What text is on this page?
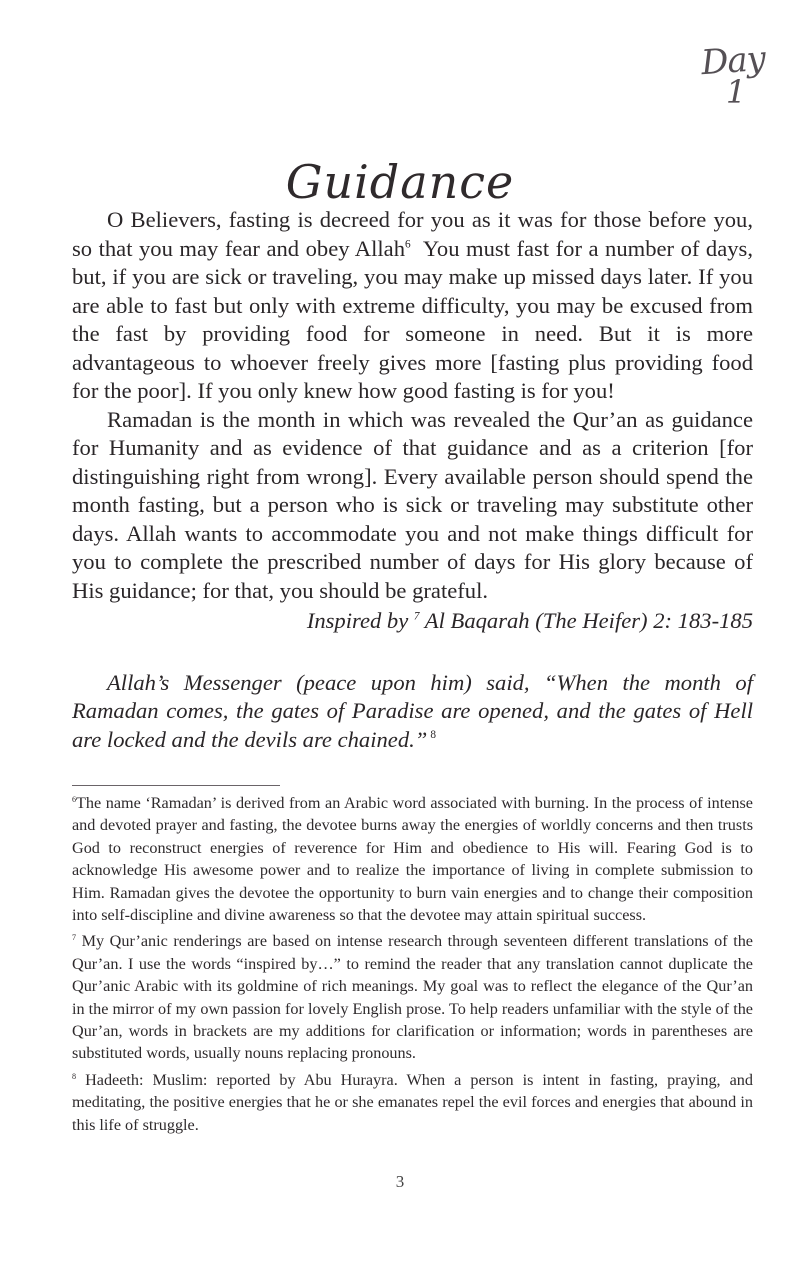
Day
1
Guidance

O Believers, fasting is decreed for you as it was for those before you, so that you may fear and obey Allah$^6$  You must fast for a number of days, but, if you are sick or traveling, you may make up missed days later. If you are able to fast but only with extreme difficulty, you may be excused from the fast by providing food for someone in need. But it is more advantageous to whoever freely gives more [fasting plus providing food for the poor]. If you only knew how good fasting is for you!

Ramadan is the month in which was revealed the Qur’an as guidance for Humanity and as evidence of that guidance and as a criterion [for distinguishing right from wrong]. Every available person should spend the month fasting, but a person who is sick or traveling may substitute other days. Allah wants to accommodate you and not make things difficult for you to complete the prescribed number of days for His glory because of His guidance; for that, you should be grateful.

Inspired by $^7$ Al Baqarah (The Heifer) 2: 183-185

Allah’s Messenger (peace upon him) said, “When the month of Ramadan comes, the gates of Paradise are opened, and the gates of Hell are locked and the devils are chained.” $^8$

$^6$The name ‘Ramadan’ is derived from an Arabic word associated with burning. In the process of intense and devoted prayer and fasting, the devotee burns away the energies of worldly concerns and then trusts God to reconstruct energies of reverence for Him and obedience to His will. Fearing God is to acknowledge His awesome power and to realize the importance of living in complete submission to Him. Ramadan gives the devotee the opportunity to burn vain energies and to change their composition into self-discipline and divine awareness so that the devotee may attain spiritual success.

$^7$ My Qur’anic renderings are based on intense research through seventeen different translations of the Qur’an. I use the words “inspired by…” to remind the reader that any translation cannot duplicate the Qur’anic Arabic with its goldmine of rich meanings. My goal was to reflect the elegance of the Qur’an in the mirror of my own passion for lovely English prose. To help readers unfamiliar with the style of the Qur’an, words in brackets are my additions for clarification or information; words in parentheses are substituted words, usually nouns replacing pronouns.

$^8$ Hadeeth: Muslim: reported by Abu Hurayra. When a person is intent in fasting, praying, and meditating, the positive energies that he or she emanates repel the evil forces and energies that abound in this life of struggle.

3
